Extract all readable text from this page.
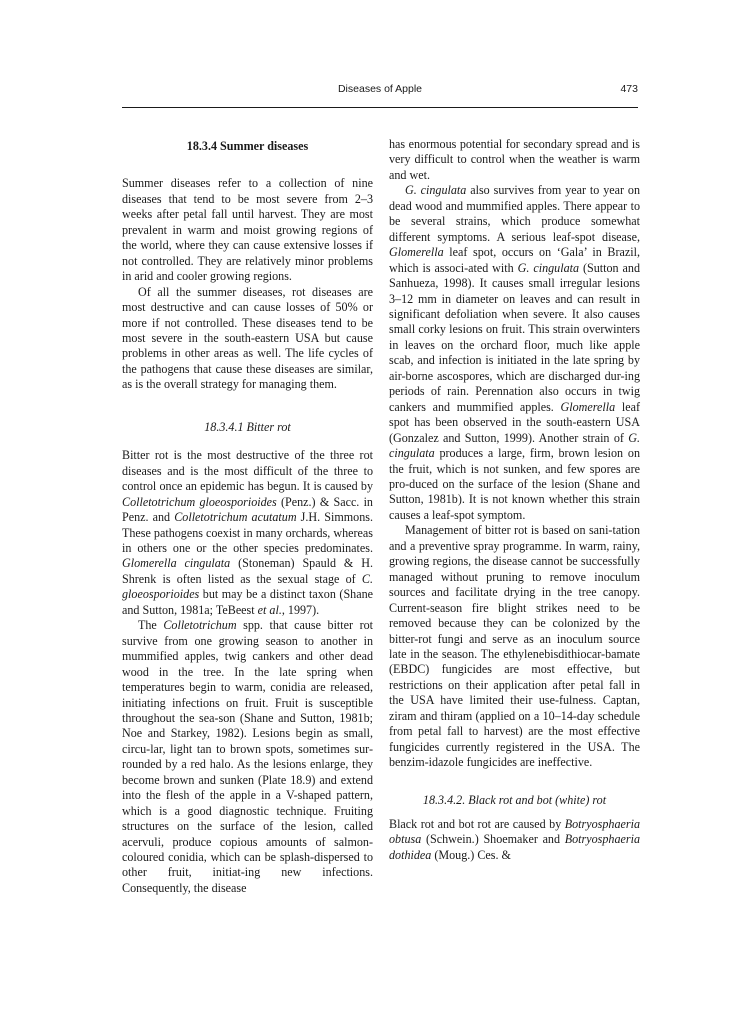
Diseases of Apple	473

18.3.4 Summer diseases

Summer diseases refer to a collection of nine diseases that tend to be most severe from 2–3 weeks after petal fall until harvest. They are most prevalent in warm and moist growing regions of the world, where they can cause extensive losses if not controlled. They are relatively minor problems in arid and cooler growing regions.

Of all the summer diseases, rot diseases are most destructive and can cause losses of 50% or more if not controlled. These diseases tend to be most severe in the south-eastern USA but cause problems in other areas as well. The life cycles of the pathogens that cause these diseases are similar, as is the overall strategy for managing them.

18.3.4.1 Bitter rot

Bitter rot is the most destructive of the three rot diseases and is the most difficult of the three to control once an epidemic has begun. It is caused by Colletotrichum gloeosporioides (Penz.) & Sacc. in Penz. and Colletotrichum acutatum J.H. Simmons. These pathogens coexist in many orchards, whereas in others one or the other species predominates. Glomerella cingulata (Stoneman) Spauld & H. Shrenk is often listed as the sexual stage of C. gloeosporioides but may be a distinct taxon (Shane and Sutton, 1981a; TeBeest et al., 1997).

The Colletotrichum spp. that cause bitter rot survive from one growing season to another in mummified apples, twig cankers and other dead wood in the tree. In the late spring when temperatures begin to warm, conidia are released, initiating infections on fruit. Fruit is susceptible throughout the sea-son (Shane and Sutton, 1981b; Noe and Starkey, 1982). Lesions begin as small, circu-lar, light tan to brown spots, sometimes sur-rounded by a red halo. As the lesions enlarge, they become brown and sunken (Plate 18.9) and extend into the flesh of the apple in a V-shaped pattern, which is a good diagnostic technique. Fruiting structures on the surface of the lesion, called acervuli, produce copious amounts of salmon-coloured conidia, which can be splash-dispersed to other fruit, initiat-ing new infections. Consequently, the disease

has enormous potential for secondary spread and is very difficult to control when the weather is warm and wet.

G. cingulata also survives from year to year on dead wood and mummified apples. There appear to be several strains, which produce somewhat different symptoms. A serious leaf-spot disease, Glomerella leaf spot, occurs on ‘Gala’ in Brazil, which is associ-ated with G. cingulata (Sutton and Sanhueza, 1998). It causes small irregular lesions 3–12 mm in diameter on leaves and can result in significant defoliation when severe. It also causes small corky lesions on fruit. This strain overwinters in leaves on the orchard floor, much like apple scab, and infection is initiated in the late spring by air-borne ascospores, which are discharged dur-ing periods of rain. Perennation also occurs in twig cankers and mummified apples. Glomerella leaf spot has been observed in the south-eastern USA (Gonzalez and Sutton, 1999). Another strain of G. cingulata produces a large, firm, brown lesion on the fruit, which is not sunken, and few spores are pro-duced on the surface of the lesion (Shane and Sutton, 1981b). It is not known whether this strain causes a leaf-spot symptom.

Management of bitter rot is based on sani-tation and a preventive spray programme. In warm, rainy, growing regions, the disease cannot be successfully managed without pruning to remove inoculum sources and facilitate drying in the tree canopy. Current-season fire blight strikes need to be removed because they can be colonized by the bitter-rot fungi and serve as an inoculum source late in the season. The ethylenebisdithiocar-bamate (EBDC) fungicides are most effective, but restrictions on their application after petal fall in the USA have limited their use-fulness. Captan, ziram and thiram (applied on a 10–14-day schedule from petal fall to harvest) are the most effective fungicides currently registered in the USA. The benzim-idazole fungicides are ineffective.

18.3.4.2. Black rot and bot (white) rot

Black rot and bot rot are caused by Botryosphaeria obtusa (Schwein.) Shoemaker and Botryosphaeria dothidea (Moug.) Ces. &
